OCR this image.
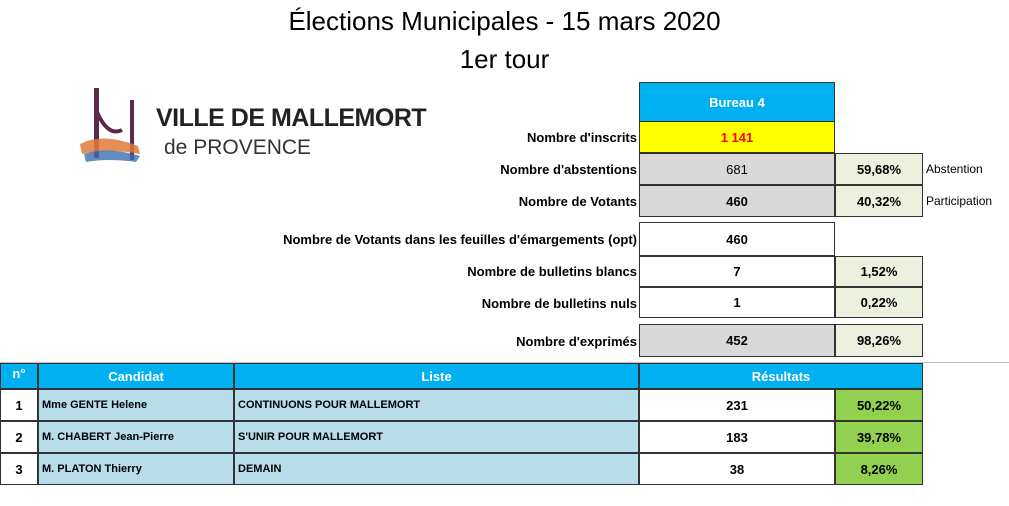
Élections Municipales - 15 mars 2020
1er tour
VILLE DE MALLEMORT
de PROVENCE
Bureau 4
Nombre d'inscrits	1 141
Nombre d'abstentions	681	59,68%	Abstention
Nombre de Votants	460	40,32%	Participation
Nombre de Votants dans les feuilles d'émargements (opt)	460
Nombre de bulletins blancs	7	1,52%
Nombre de bulletins nuls	1	0,22%
Nombre d'exprimés	452	98,26%
n°	Candidat	Liste	Résultats
1	Mme GENTE Helene	CONTINUONS POUR MALLEMORT	231	50,22%
2	M. CHABERT Jean-Pierre	S'UNIR POUR MALLEMORT	183	39,78%
3	M. PLATON Thierry	DEMAIN	38	8,26%
